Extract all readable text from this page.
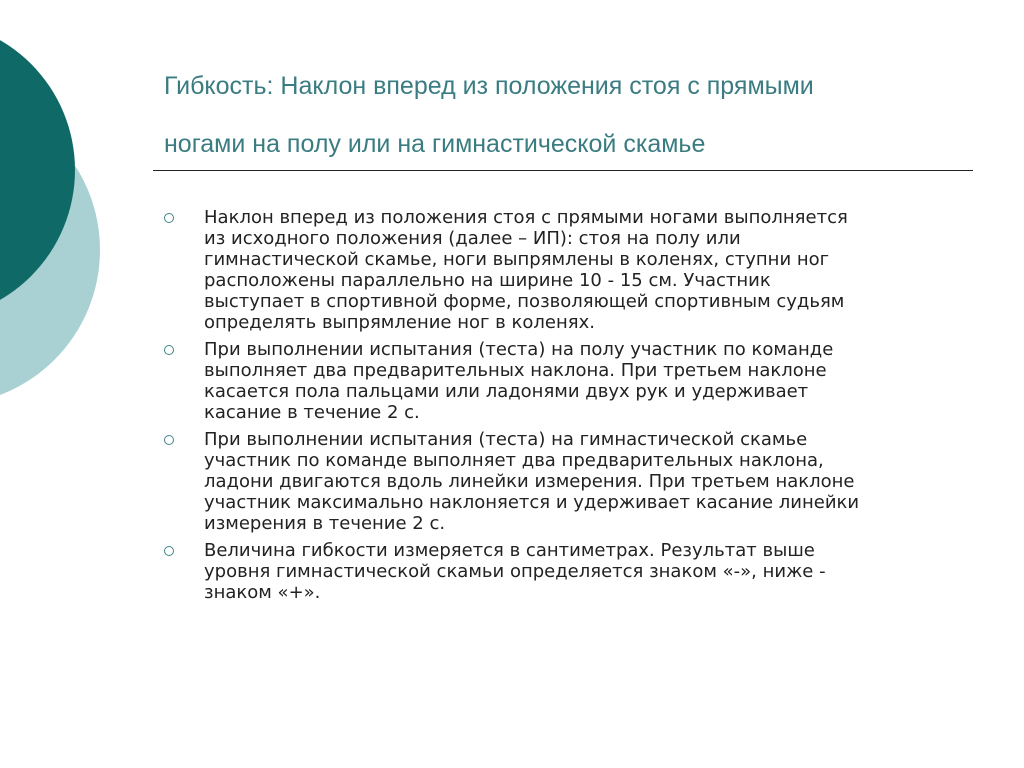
Гибкость: Наклон вперед из положения стоя с прямыми
ногами на полу или на гимнастической скамье
Наклон вперед из положения стоя с прямыми ногами выполняется
из исходного положения (далее – ИП): стоя на полу или
гимнастической скамье, ноги выпрямлены в коленях, ступни ног
расположены параллельно на ширине 10 - 15 см. Участник
выступает в спортивной форме, позволяющей спортивным судьям
определять выпрямление ног в коленях.
При выполнении испытания (теста) на полу участник по команде
выполняет два предварительных наклона. При третьем наклоне
касается пола пальцами или ладонями двух рук и удерживает
касание в течение 2 с.
При выполнении испытания (теста) на гимнастической скамье
участник по команде выполняет два предварительных наклона,
ладони двигаются вдоль линейки измерения. При третьем наклоне
участник максимально наклоняется и удерживает касание линейки
измерения в течение 2 с.
Величина гибкости измеряется в сантиметрах. Результат выше
уровня гимнастической скамьи определяется знаком «-», ниже -
знаком «+».
